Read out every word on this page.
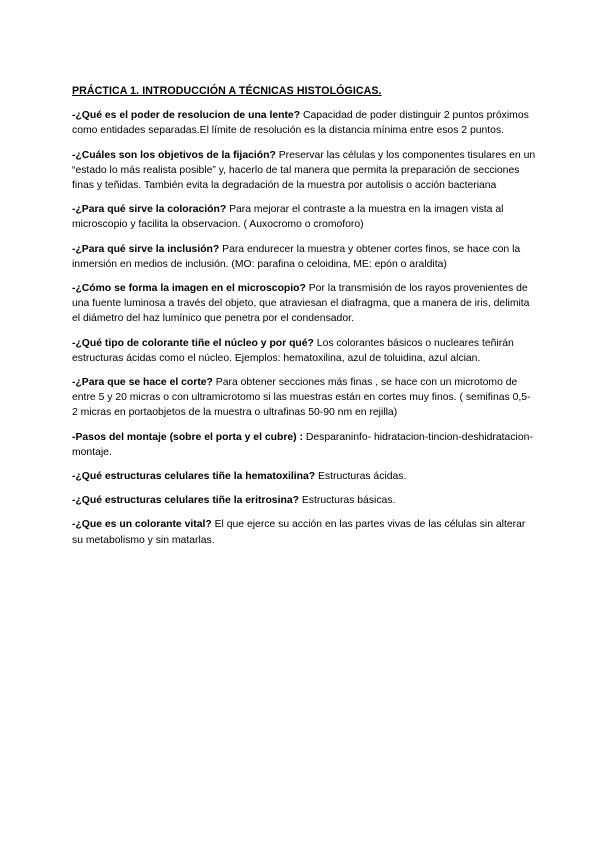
PRÁCTICA 1. INTRODUCCIÓN A TÉCNICAS HISTOLÓGICAS.

-¿Qué es el poder de resolucion de una lente? Capacidad de poder distinguir 2 puntos próximos como entidades separadas.El límite de resolución es la distancia mínima entre esos 2 puntos.

-¿Cuáles son los objetivos de la fijación? Preservar las células y los componentes tisulares en un “estado lo más realista posible” y, hacerlo de tal manera que permita la preparación de secciones finas y teñidas. También evita la degradación de la muestra por autolisis o acción bacteriana

-¿Para qué sirve la coloración? Para mejorar el contraste a la muestra en la imagen vista al microscopio y facilita la observacion. ( Auxocromo o cromoforo)

-¿Para qué sirve la inclusión? Para endurecer la muestra y obtener cortes finos, se hace con la inmersión en medios de inclusión. (MO: parafina o celoidina, ME: epón o araldita)

-¿Cómo se forma la imagen en el microscopio? Por la transmisión de los rayos provenientes de una fuente luminosa a través del objeto, que atraviesan el diafragma, que a manera de iris, delimita el diámetro del haz lumínico que penetra por el condensador.

-¿Qué tipo de colorante tiñe el núcleo y por qué? Los colorantes básicos o nucleares teñirán estructuras ácidas como el núcleo. Ejemplos: hematoxilina, azul de toluidina, azul alcian.

-¿Para que se hace el corte? Para obtener secciones más finas , se hace con un microtomo de entre 5 y 20 micras o con ultramicrotomo si las muestras están en cortes muy finos. ( semifinas 0,5-2 micras en portaobjetos de la muestra o ultrafinas 50-90 nm en rejilla)

-Pasos del montaje (sobre el porta y el cubre) : Desparaninfo- hidratacion-tincion-deshidratacion-montaje.

-¿Qué estructuras celulares tiñe la hematoxilina? Estructuras ácidas.

-¿Qué estructuras celulares tiñe la eritrosina? Estructuras básicas.

-¿Que es un colorante vital? El que ejerce su acción en las partes vivas de las células sin alterar su metabolismo y sin matarlas.
